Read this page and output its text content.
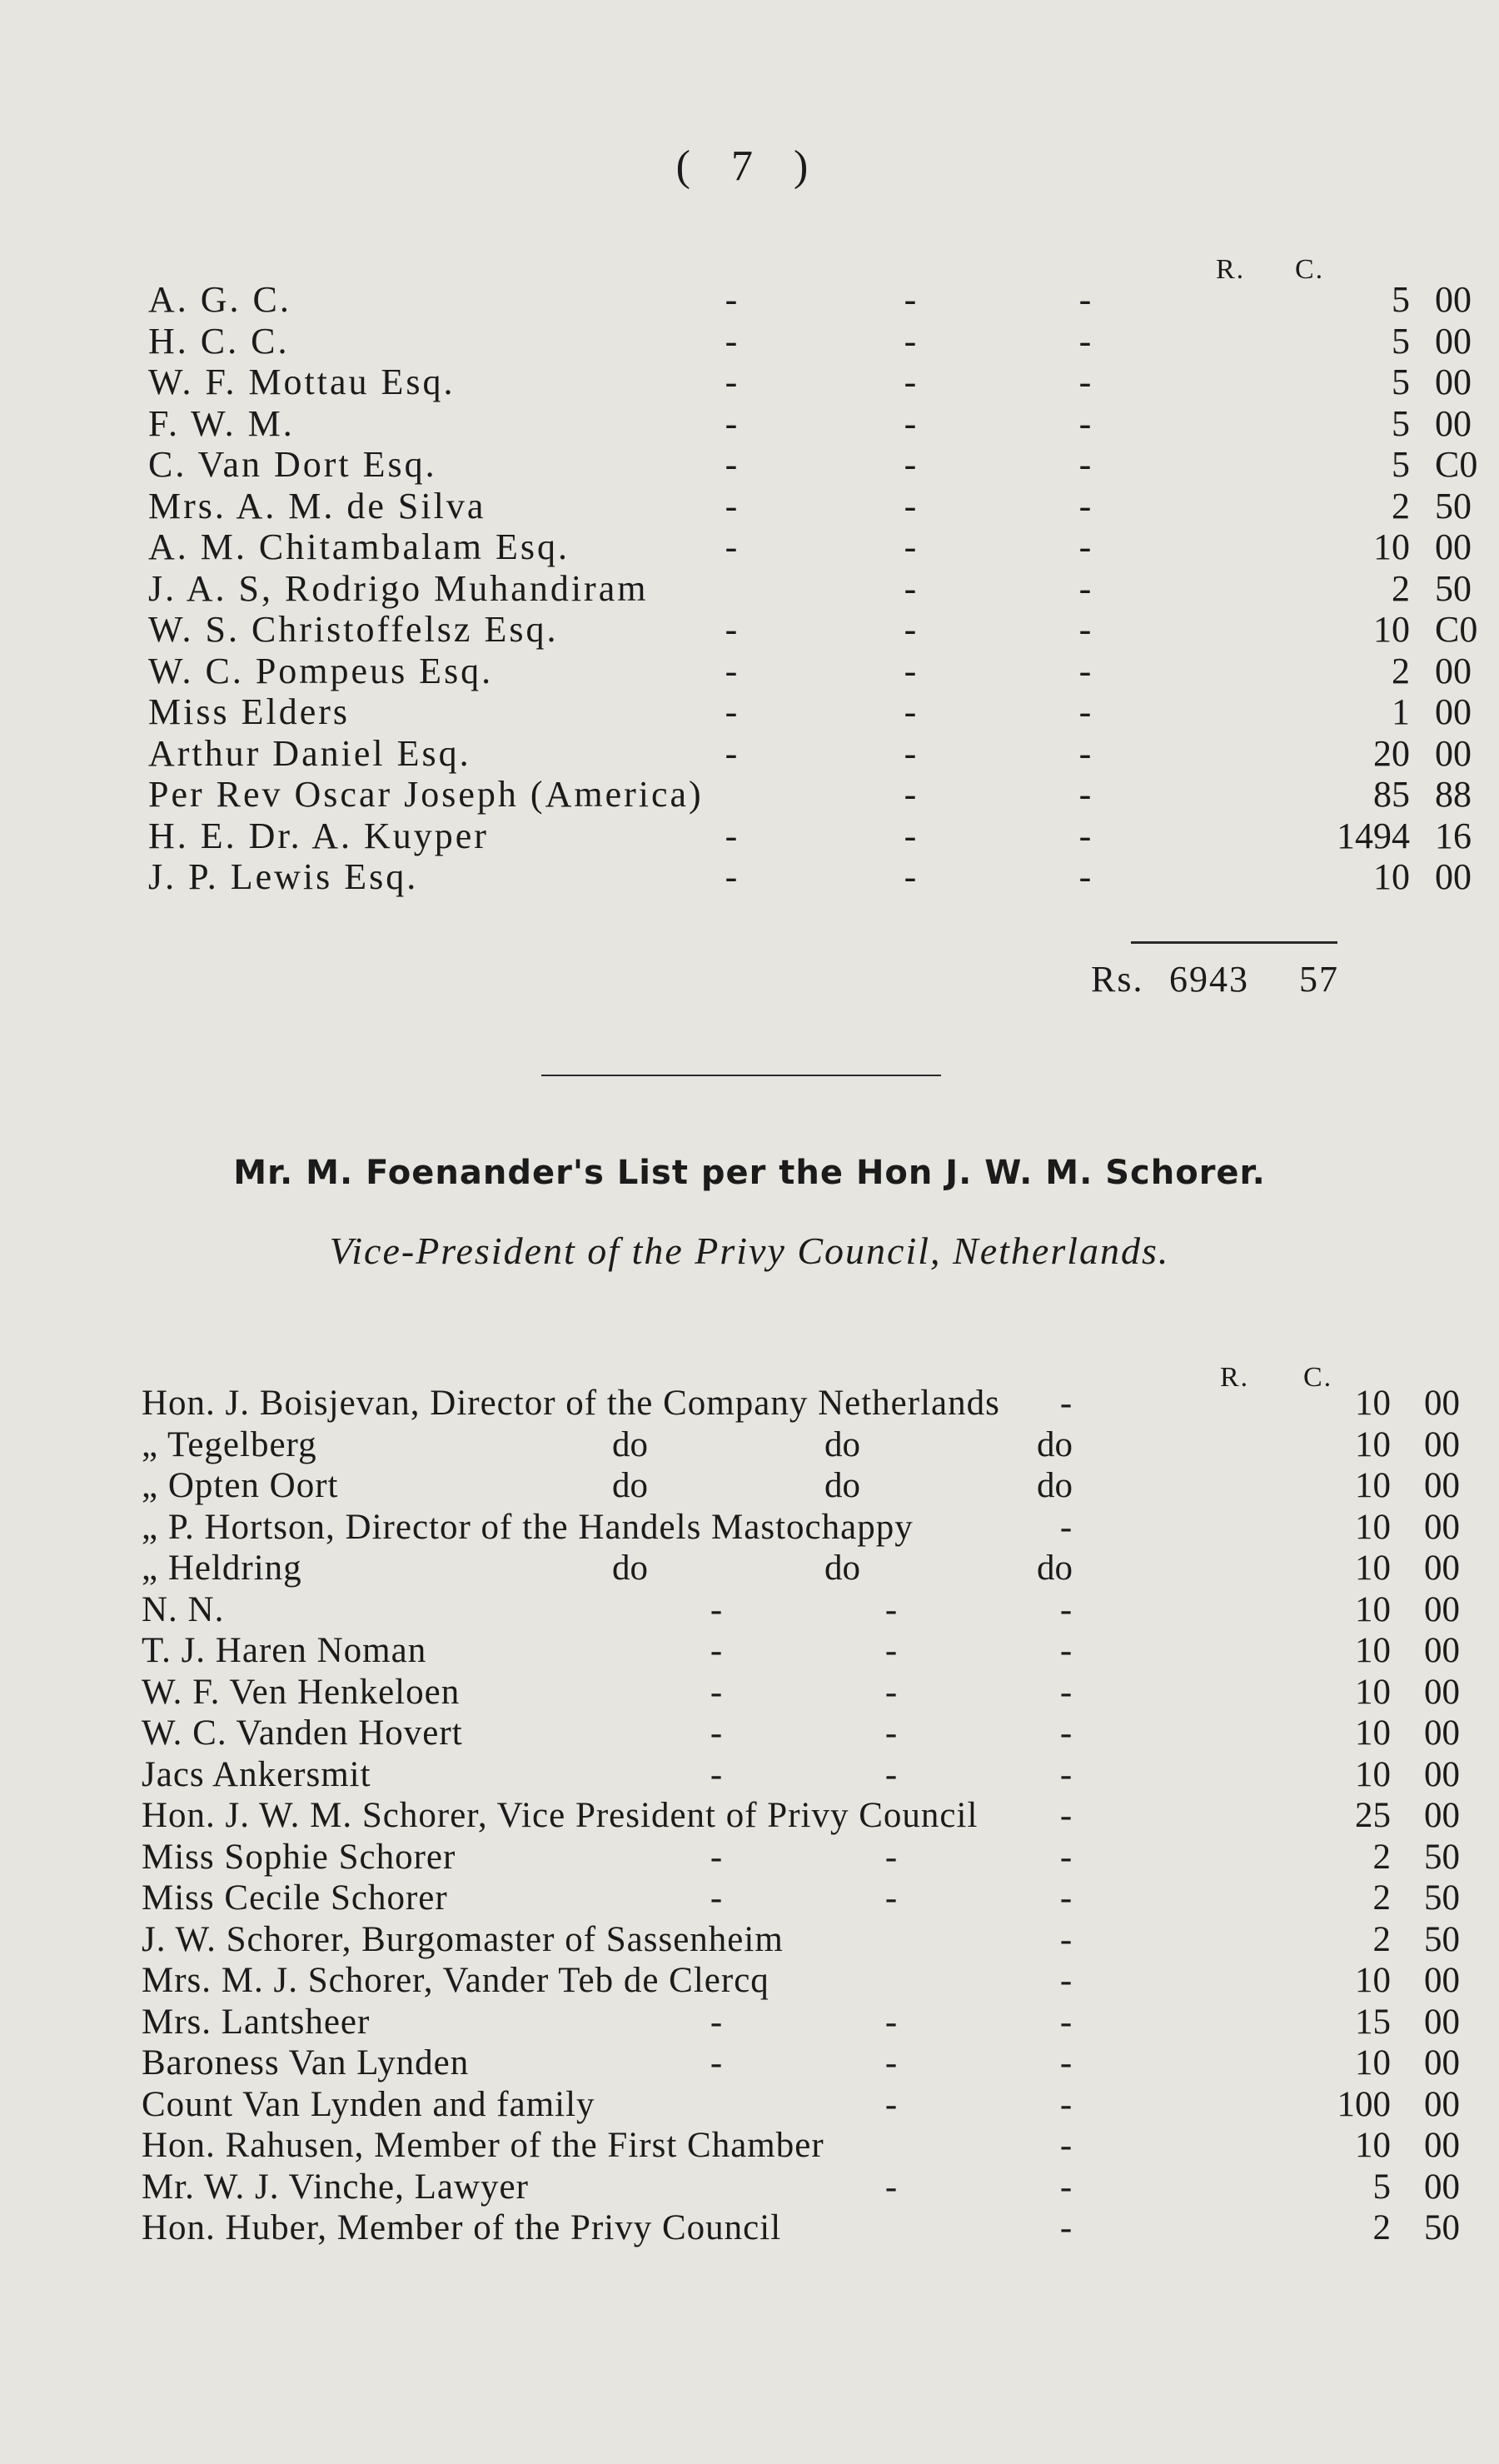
( 7 )
R. C.
A. G. C.	-	-	-	5 00
H. C. C.	-	-	-	5 00
W. F. Mottau Esq.	-	-	-	5 00
F. W. M.	-	-	-	5 00
C. Van Dort Esq.	-	-	-	5 C0
Mrs. A. M. de Silva	-	-	-	2 50
A. M. Chitambalam Esq.	-	-	-	10 00
J. A. S, Rodrigo Muhandiram	-	-	2 50
W. S. Christoffelsz Esq.	-	-	-	10 C0
W. C. Pompeus Esq.	-	-	-	2 00
Miss Elders	-	-	-	1 00
Arthur Daniel Esq.	-	-	-	20 00
Per Rev Oscar Joseph (America)	-	-	85 88
H. E. Dr. A. Kuyper	-	-	-	1494 16
J. P. Lewis Esq.	-	-	-	10 00
Rs. 6943 57
Mr. M. Foenander's List per the Hon J. W. M. Schorer.
Vice-President of the Privy Council, Netherlands.
R. C.
Hon. J. Boisjevan, Director of the Company Netherlands -	10 00
„ Tegelberg	do	do	do	10 00
„ Opten Oort	do	do	do	10 00
„ P. Hortson, Director of the Handels Mastochappy	-	10 00
„ Heldring	do	do	do	10 00
N. N.	-	-	-	10 00
T. J. Haren Noman	-	-	-	10 00
W. F. Ven Henkeloen	-	-	-	10 00
W. C. Vanden Hovert	-	-	-	10 00
Jacs Ankersmit	-	-	-	10 00
Hon. J. W. M. Schorer, Vice President of Privy Council -	25 00
Miss Sophie Schorer	-	-	-	2 50
Miss Cecile Schorer	-	-	-	2 50
J. W. Schorer, Burgomaster of Sassenheim	-	2 50
Mrs. M. J. Schorer, Vander Teb de Clercq	-	10 00
Mrs. Lantsheer	-	-	-	15 00
Baroness Van Lynden	-	-	-	10 00
Count Van Lynden and family	-	-	100 00
Hon. Rahusen, Member of the First Chamber	-	10 00
Mr. W. J. Vinche, Lawyer	-	-	5 00
Hon. Huber, Member of the Privy Council	-	2 50
